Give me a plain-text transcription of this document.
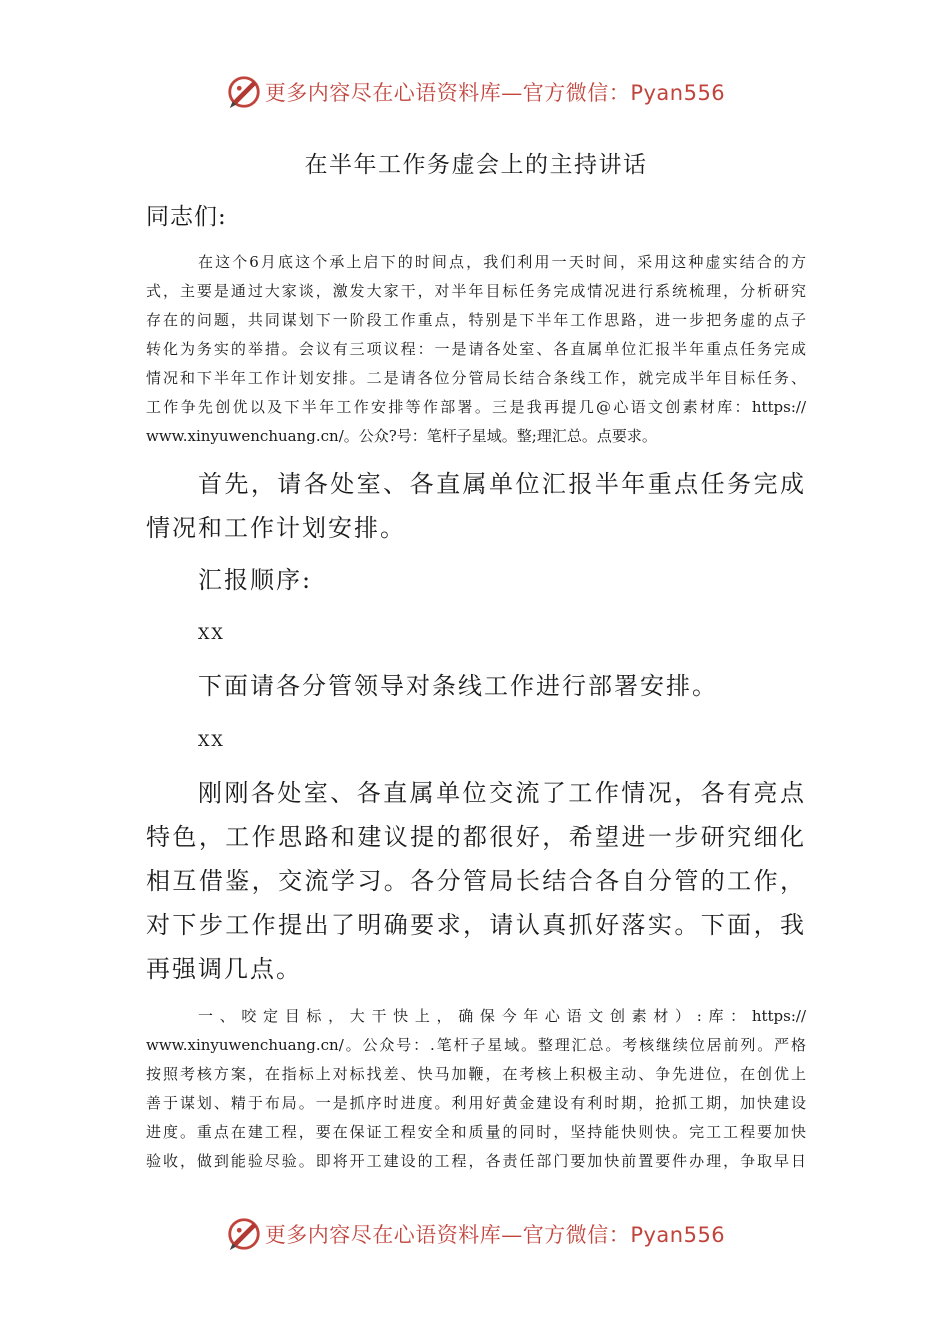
更多内容尽在心语资料库—官方微信：Pyan556
在半年工作务虚会上的主持讲话
同志们:

在这个6月底这个承上启下的时间点，我们利用一天时间，采用这种虚实结合的方
式，主要是通过大家谈，激发大家干，对半年目标任务完成情况进行系统梳理，分析研究
存在的问题，共同谋划下一阶段工作重点，特别是下半年工作思路，进一步把务虚的点子
转化为务实的举措。会议有三项议程：一是请各处室、各直属单位汇报半年重点任务完成
情况和下半年工作计划安排。二是请各位分管局长结合条线工作，就完成半年目标任务、
工作争先创优以及下半年工作安排等作部署。三是我再提几@心语文创素材库：https://
www.xinyuwenchuang.cn/。公众?号：笔杆子星域。整;理汇总。点要求。

首先，请各处室、各直属单位汇报半年重点任务完成
情况和工作计划安排。

汇报顺序:

XX

下面请各分管领导对条线工作进行部署安排。

XX

刚刚各处室、各直属单位交流了工作情况，各有亮点
特色，工作思路和建议提的都很好，希望进一步研究细化
相互借鉴，交流学习。各分管局长结合各自分管的工作，
对下步工作提出了明确要求，请认真抓好落实。下面，我
再强调几点。

一、咬定目标，大干快上，确保今年心语文创素材）:库：https://
www.xinyuwenchuang.cn/。公众号：.笔杆子星域。整理汇总。考核继续位居前列。严格
按照考核方案，在指标上对标找差、快马加鞭，在考核上积极主动、争先进位，在创优上
善于谋划、精于布局。一是抓序时进度。利用好黄金建设有利时期，抢抓工期，加快建设
进度。重点在建工程，要在保证工程安全和质量的同时，坚持能快则快。完工工程要加快
验收，做到能验尽验。即将开工建设的工程，各责任部门要加快前置要件办理，争取早日

更多内容尽在心语资料库—官方微信：Pyan556
